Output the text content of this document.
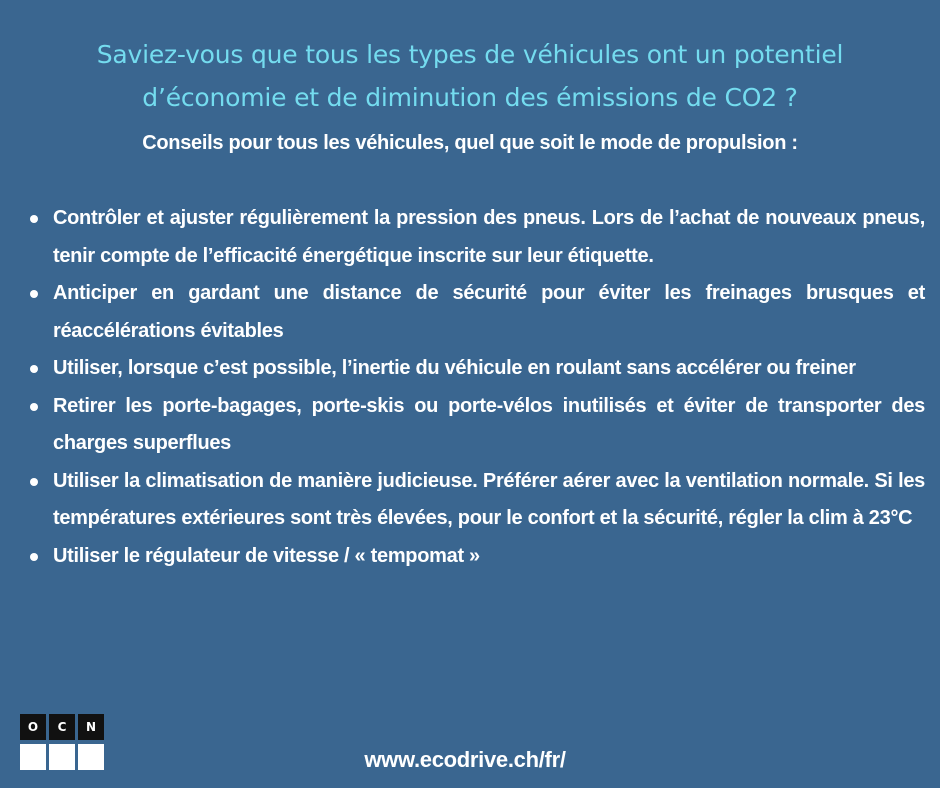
Saviez-vous que tous les types de véhicules ont un potentiel d’économie et de diminution des émissions de CO2 ?
Conseils pour tous les véhicules, quel que soit le mode de propulsion :
Contrôler et ajuster régulièrement la pression des pneus. Lors de l’achat de nouveaux pneus, tenir compte de l’efficacité énergétique inscrite sur leur étiquette.
Anticiper en gardant une distance de sécurité pour éviter les freinages brusques et réaccélérations évitables
Utiliser, lorsque c’est possible, l’inertie du véhicule en roulant sans accélérer ou freiner
Retirer les porte-bagages, porte-skis ou porte-vélos inutilisés et éviter de transporter des charges superflues
Utiliser la climatisation de manière judicieuse. Préférer aérer avec la ventilation normale. Si les températures extérieures sont très élevées, pour le confort et la sécurité, régler la clim à 23°C
Utiliser le régulateur de vitesse / « tempomat »
O	C	N
www.ecodrive.ch/fr/
